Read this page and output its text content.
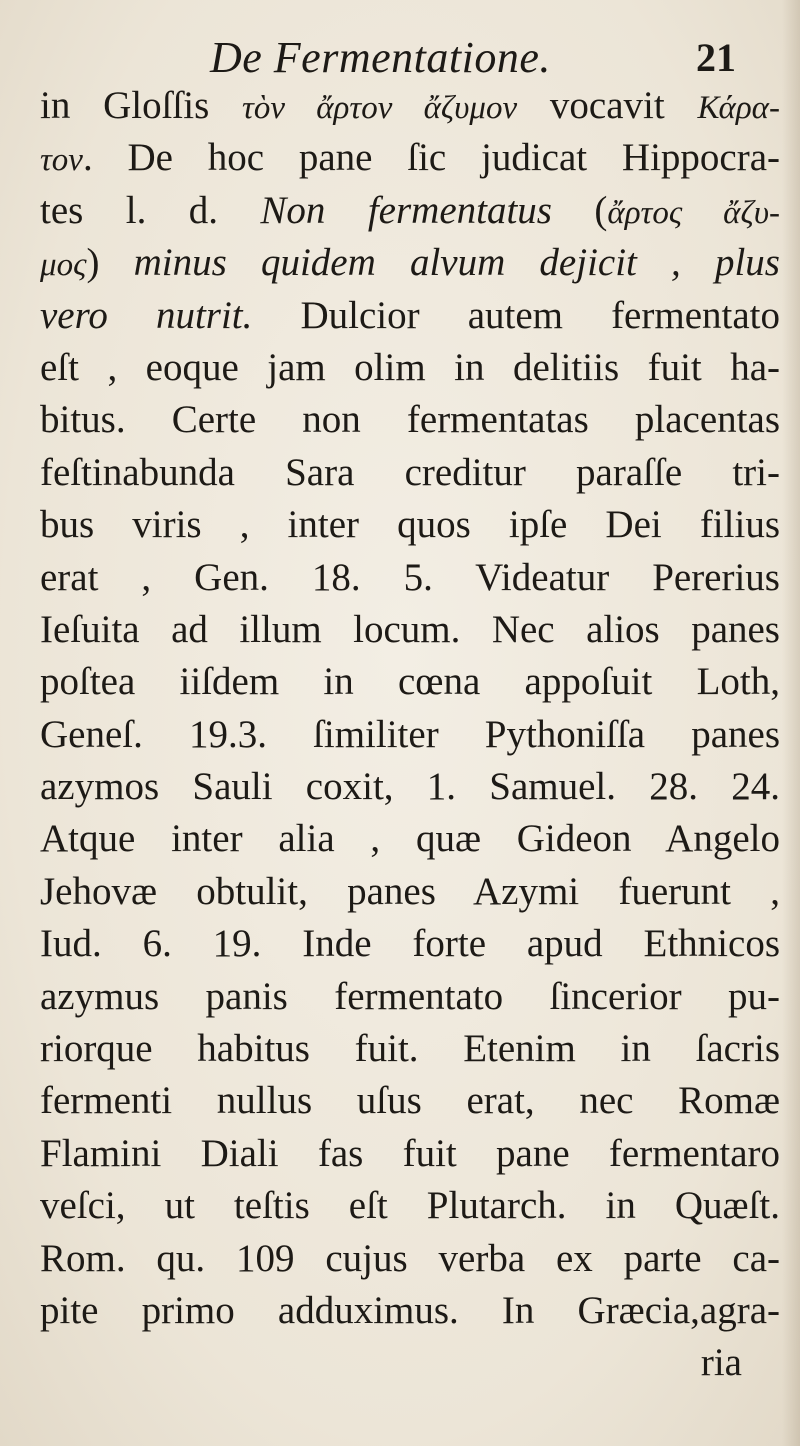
De Fermentatione.	21
in Gloſſis τὸν ἄρτον ἄζυμον vocavit Κάρα-
τον. De hoc pane ſic judicat Hippocra-
tes l. d. Non fermentatus (ἄρτος ἄζυ-
μος) minus quidem alvum dejicit , plus
vero nutrit. Dulcior autem fermentato
eſt , eoque jam olim in delitiis fuit ha-
bitus. Certe non fermentatas placentas
feſtinabunda Sara creditur paraſſe tri-
bus viris , inter quos ipſe Dei filius
erat , Gen. 18. 5. Videatur Pererius
Ieſuita ad illum locum. Nec alios panes
poſtea iiſdem in cœna appoſuit Loth,
Geneſ. 19.3. ſimiliter Pythoniſſa panes
azymos Sauli coxit, 1. Samuel. 28. 24.
Atque inter alia , quæ Gideon Angelo
Jehovæ obtulit, panes Azymi fuerunt ,
Iud. 6. 19. Inde forte apud Ethnicos
azymus panis fermentato ſincerior pu-
riorque habitus fuit. Etenim in ſacris
fermenti nullus uſus erat, nec Romæ
Flamini Diali fas fuit pane fermentaro
veſci, ut teſtis eſt Plutarch. in Quæſt.
Rom. qu. 109 cujus verba ex parte ca-
pite primo adduximus. In Græcia,agra-
ria
